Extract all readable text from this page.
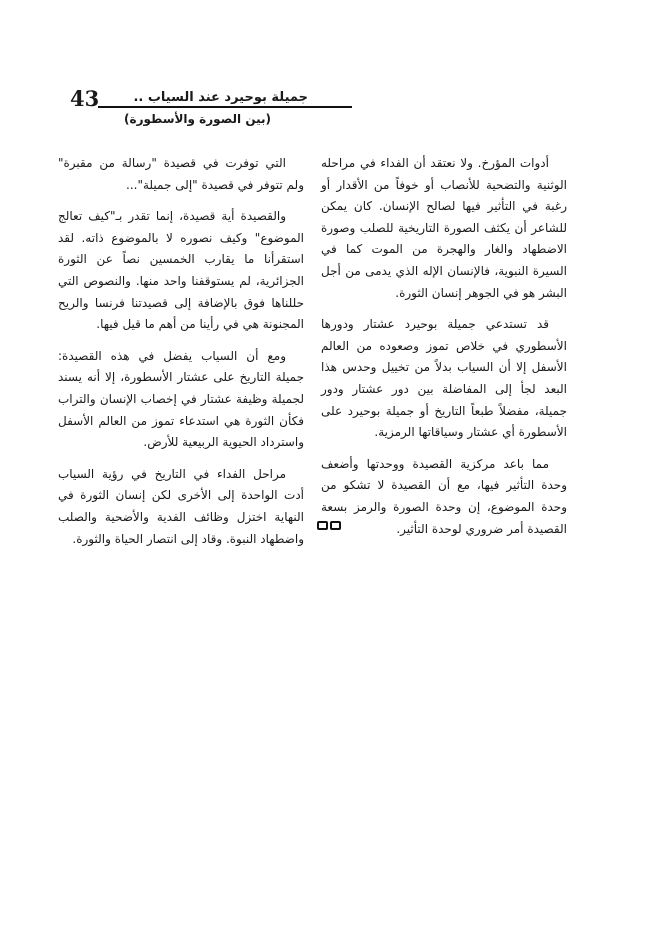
43	جميلة بوحيرد عند السياب ..
(بين الصورة والأسطورة)

أدوات المؤرخ. ولا نعتقد أن الفداء في مراحله الوثنية والتضحية للأنصاب أو خوفاً من الأقدار أو رغبة في التأثير فيها لصالح الإنسان. كان يمكن للشاعر أن يكثف الصورة التاريخية للصلب وصورة الاضطهاد والغار والهجرة من الموت كما في السيرة النبوية، فالإنسان الإله الذي يدمى من أجل البشر هو في الجوهر إنسان الثورة.

قد تستدعي جميلة بوحيرد عشتار ودورها الأسطوري في خلاص تموز وصعوده من العالم الأسفل إلا أن السياب بدلاً من تخييل وحدس هذا البعد لجأ إلى المفاضلة بين دور عشتار ودور جميلة، مفضلاً طبعاً التاريخ أو جميلة بوحيرد على الأسطورة أي عشتار وسياقاتها الرمزية.

مما باعد مركزية القصيدة ووحدتها وأضعف وحدة التأثير فيها، مع أن القصيدة لا تشكو من وحدة الموضوع، إن وحدة الصورة والرمز بسعة القصيدة أمر ضروري لوحدة التأثير.

التي توفرت في قصيدة "رسالة من مقبرة" ولم تتوفر في قصيدة "إلى جميلة"...

والقصيدة أية قصيدة، إنما تقدر بـ"كيف تعالج الموضوع" وكيف نصوره لا بالموضوع ذاته. لقد استقرأنا ما يقارب الخمسين نصاً عن الثورة الجزائرية، لم يستوقفنا واحد منها. والنصوص التي حللناها فوق بالإضافة إلى قصيدتنا فرنسا والريح المجنونة هي في رأينا من أهم ما قيل فيها.

ومع أن السياب يفضل في هذه القصيدة: جميلة التاريخ على عشتار الأسطورة، إلا أنه يسند لجميلة وظيفة عشتار في إخصاب الإنسان والتراب فكأن الثورة هي استدعاء تموز من العالم الأسفل واسترداد الحيوية الربيعية للأرض.

مراحل الفداء في التاريخ في رؤية السياب أدت الواحدة إلى الأخرى لكن إنسان الثورة في النهاية اختزل وظائف الفدية والأضحية والصلب واضطهاد النبوة. وقاد إلى انتصار الحياة والثورة.
